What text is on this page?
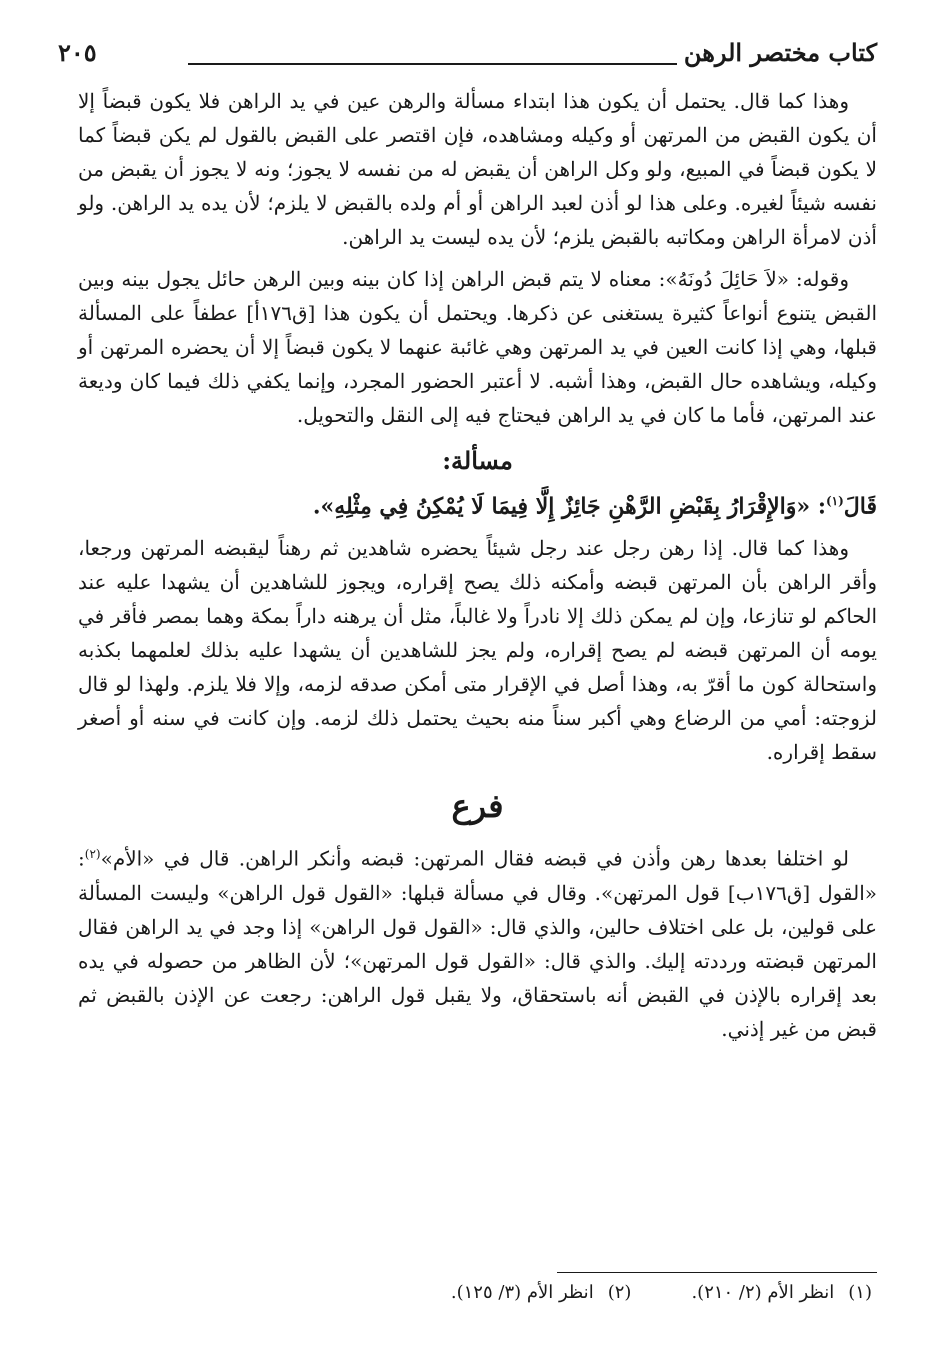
كتاب مختصر الرهن
٢٠٥

وهذا كما قال. يحتمل أن يكون هذا ابتداء مسألة والرهن عين في يد الراهن فلا يكون قبضاً إلا أن يكون القبض من المرتهن أو وكيله ومشاهده، فإن اقتصر على القبض بالقول لم يكن قبضاً كما لا يكون قبضاً في المبيع، ولو وكل الراهن أن يقبض له من نفسه لا يجوز؛ ونه لا يجوز أن يقبض من نفسه شيئاً لغيره. وعلى هذا لو أذن لعبد الراهن أو أم ولده بالقبض لا يلزم؛ لأن يده يد الراهن. ولو أذن لامرأة الراهن ومكاتبه بالقبض يلزم؛ لأن يده ليست يد الراهن.

وقوله: «لاَ حَائِلَ دُونَهُ»: معناه لا يتم قبض الراهن إذا كان بينه وبين الرهن حائل يجول بينه وبين القبض يتنوع أنواعاً كثيرة يستغنى عن ذكرها. ويحتمل أن يكون هذا [ق١٧٦أ] عطفاً على المسألة قبلها، وهي إذا كانت العين في يد المرتهن وهي غائبة عنهما لا يكون قبضاً إلا أن يحضره المرتهن أو وكيله، ويشاهده حال القبض، وهذا أشبه. لا أعتبر الحضور المجرد، وإنما يكفي ذلك فيما كان وديعة عند المرتهن، فأما ما كان في يد الراهن فيحتاج فيه إلى النقل والتحويل.

مسألة:
قَالَ$^{(١)}$: «وَالإِقْرَارُ بِقَبْضِ الرَّهْنِ جَائِزٌ إِلَّا فِيمَا لَا يُمْكِنُ فِي مِثْلِهِ».

وهذا كما قال. إذا رهن رجل عند رجل شيئاً يحضره شاهدين ثم رهناً ليقبضه المرتهن ورجعا، وأقر الراهن بأن المرتهن قبضه وأمكنه ذلك يصح إقراره، ويجوز للشاهدين أن يشهدا عليه عند الحاكم لو تنازعا، وإن لم يمكن ذلك إلا نادراً ولا غالباً، مثل أن يرهنه داراً بمكة وهما بمصر فأقر في يومه أن المرتهن قبضه لم يصح إقراره، ولم يجز للشاهدين أن يشهدا عليه بذلك لعلمهما بكذبه واستحالة كون ما أقرّ به، وهذا أصل في الإقرار متى أمكن صدقه لزمه، وإلا فلا يلزم. ولهذا لو قال لزوجته: أمي من الرضاع وهي أكبر سناً منه بحيث يحتمل ذلك لزمه. وإن كانت في سنه أو أصغر سقط إقراره.

فرع

لو اختلفا بعدها رهن وأذن في قبضه فقال المرتهن: قبضه وأنكر الراهن. قال في «الأم»$^{(٢)}$: «القول [ق١٧٦ب] قول المرتهن». وقال في مسألة قبلها: «القول قول الراهن» وليست المسألة على قولين، بل على اختلاف حالين، والذي قال: «القول قول الراهن» إذا وجد في يد الراهن فقال المرتهن قبضته ورددته إليك. والذي قال: «القول قول المرتهن»؛ لأن الظاهر من حصوله في يده بعد إقراره بالإذن في القبض أنه باستحقاق، ولا يقبل قول الراهن: رجعت عن الإذن بالقبض ثم قبض من غير إذني.

(١)انظر الأم (٢/ ٢١٠).
(٢)انظر الأم (٣/ ١٢٥).
